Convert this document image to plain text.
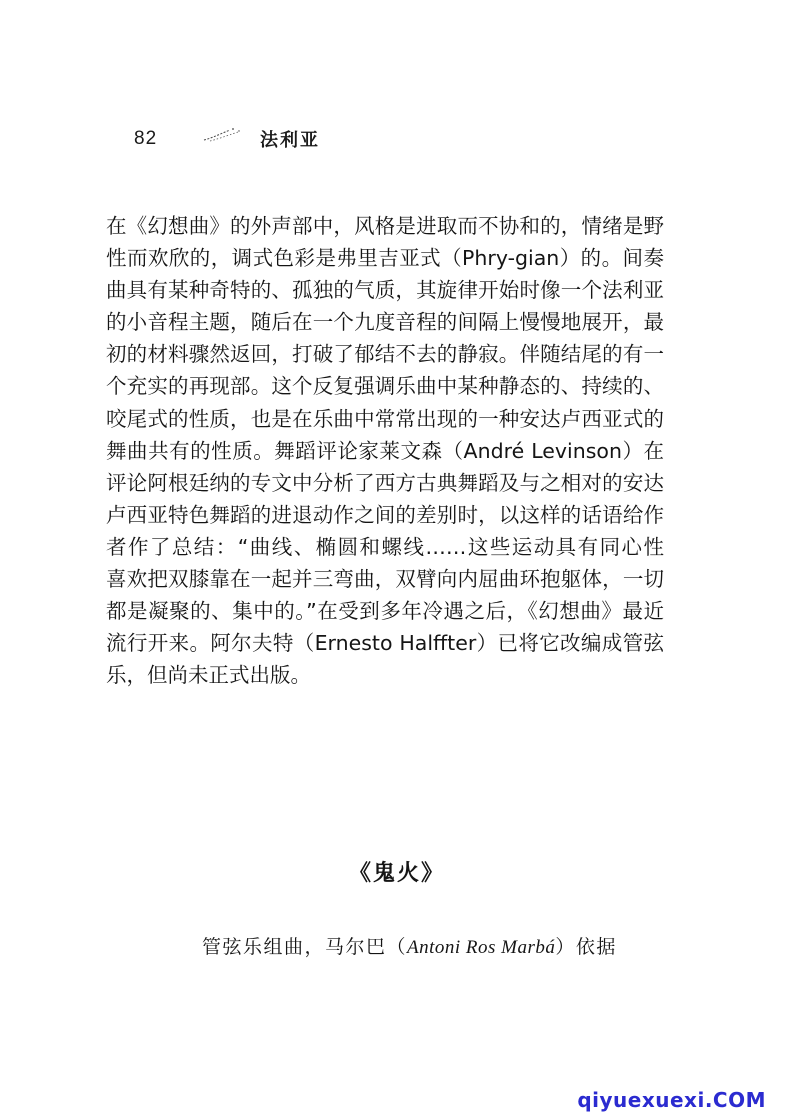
82	法利亚

在《幻想曲》的外声部中，风格是进取而不协和的，情绪是野性而欢欣的，调式色彩是弗里吉亚式（Phry-gian）的。间奏曲具有某种奇特的、孤独的气质，其旋律开始时像一个法利亚的小音程主题，随后在一个九度音程的间隔上慢慢地展开，最初的材料骤然返回，打破了郁结不去的静寂。伴随结尾的有一个充实的再现部。这个反复强调乐曲中某种静态的、持续的、咬尾式的性质，也是在乐曲中常常出现的一种安达卢西亚式的舞曲共有的性质。舞蹈评论家莱文森（André Levinson）在评论阿根廷纳的专文中分析了西方古典舞蹈及与之相对的安达卢西亚特色舞蹈的进退动作之间的差别时，以这样的话语给作者作了总结：“曲线、椭圆和螺线……这些运动具有同心性　喜欢把双膝靠在一起并三弯曲，双臂向内屈曲环抱躯体，一切都是凝聚的、集中的。”在受到多年冷遇之后，《幻想曲》最近流行开来。阿尔夫特（Ernesto Halffter）已将它改编成管弦乐，但尚未正式出版。

《鬼火》

管弦乐组曲，马尔巴（Antoni Ros Marbá）依据

qiyuexuexi.COM
